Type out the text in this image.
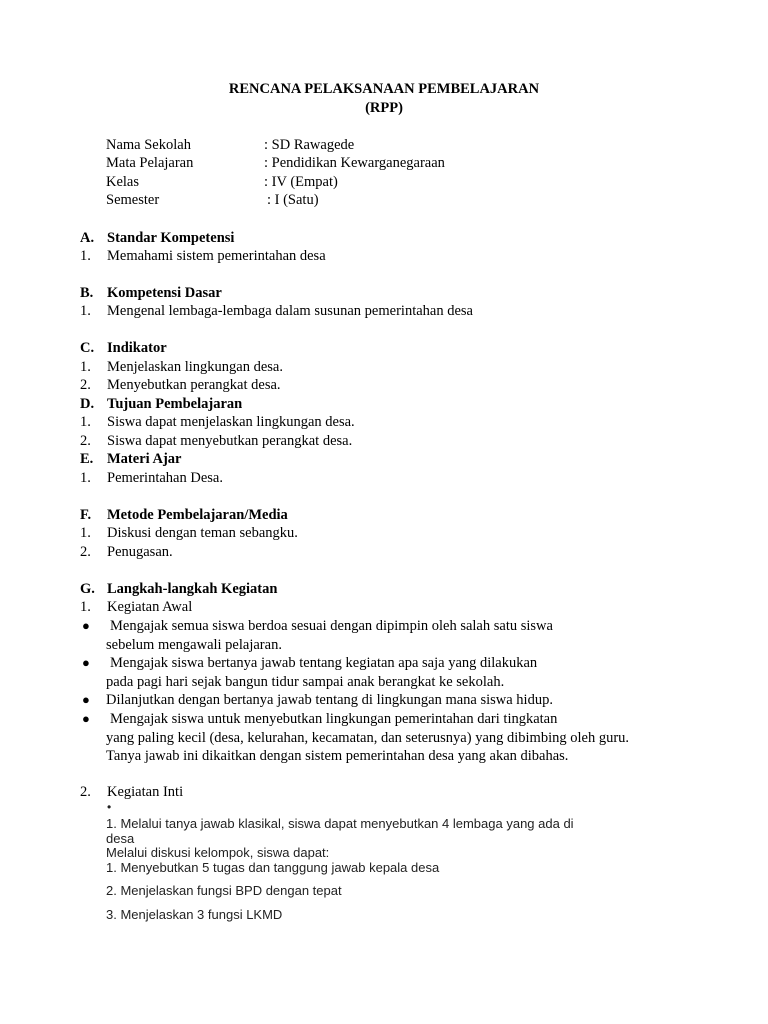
RENCANA PELAKSANAAN PEMBELAJARAN
(RPP)
Nama Sekolah	: SD Rawagede
Mata Pelajaran	: Pendidikan Kewarganegaraan
Kelas	: IV (Empat)
Semester	: I (Satu)
A. Standar Kompetensi
1. Memahami sistem pemerintahan desa
B. Kompetensi Dasar
1. Mengenal lembaga-lembaga dalam susunan pemerintahan desa
C. Indikator
1. Menjelaskan lingkungan desa.
2. Menyebutkan perangkat desa.
D. Tujuan Pembelajaran
1. Siswa dapat menjelaskan lingkungan desa.
2. Siswa dapat menyebutkan perangkat desa.
E. Materi Ajar
1. Pemerintahan Desa.
F. Metode Pembelajaran/Media
1. Diskusi dengan teman sebangku.
2. Penugasan.
G. Langkah-langkah Kegiatan
1. Kegiatan Awal
●	Mengajak semua siswa berdoa sesuai dengan dipimpin oleh salah satu siswa
sebelum mengawali pelajaran.
●	Mengajak siswa bertanya jawab tentang kegiatan apa saja yang dilakukan
pada pagi hari sejak bangun tidur sampai anak berangkat ke sekolah.
●	Dilanjutkan dengan bertanya jawab tentang di lingkungan mana siswa hidup.
●	Mengajak siswa untuk menyebutkan lingkungan pemerintahan dari tingkatan
yang paling kecil (desa, kelurahan, kecamatan, dan seterusnya) yang dibimbing oleh guru. Tanya jawab ini dikaitkan dengan sistem pemerintahan desa yang akan dibahas.
2. Kegiatan Inti
•
1. Melalui tanya jawab klasikal, siswa dapat menyebutkan 4 lembaga yang ada di
desa
Melalui diskusi kelompok, siswa dapat:
1. Menyebutkan 5 tugas dan tanggung jawab kepala desa
2. Menjelaskan fungsi BPD dengan tepat
3. Menjelaskan 3 fungsi LKMD
